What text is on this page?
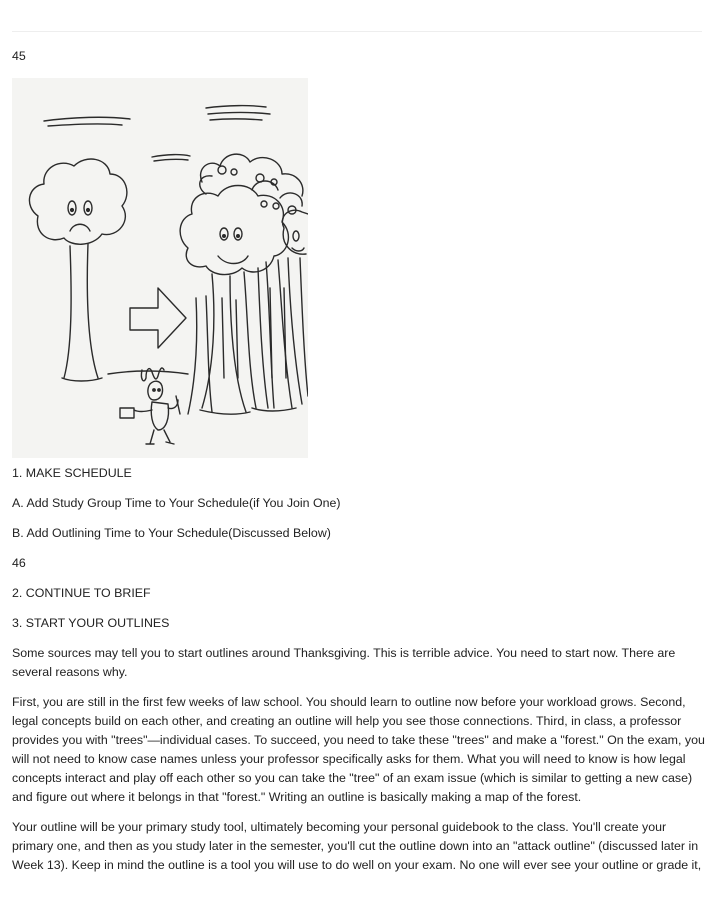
45

1. MAKE SCHEDULE

A. Add Study Group Time to Your Schedule(if You Join One)

B. Add Outlining Time to Your Schedule(Discussed Below)

46

2. CONTINUE TO BRIEF

3. START YOUR OUTLINES

Some sources may tell you to start outlines around Thanksgiving. This is terrible advice. You need to start now. There are several reasons why.

First, you are still in the first few weeks of law school. You should learn to outline now before your workload grows. Second, legal concepts build on each other, and creating an outline will help you see those connections. Third, in class, a professor provides you with "trees"—individual cases. To succeed, you need to take these "trees" and make a "forest." On the exam, you will not need to know case names unless your professor specifically asks for them. What you will need to know is how legal concepts interact and play off each other so you can take the "tree" of an exam issue (which is similar to getting a new case) and figure out where it belongs in that "forest." Writing an outline is basically making a map of the forest.

Your outline will be your primary study tool, ultimately becoming your personal guidebook to the class. You'll create your primary one, and then as you study later in the semester, you'll cut the outline down into an "attack outline" (discussed later in Week 13). Keep in mind the outline is a tool you will use to do well on your exam. No one will ever see your outline or grade it,
